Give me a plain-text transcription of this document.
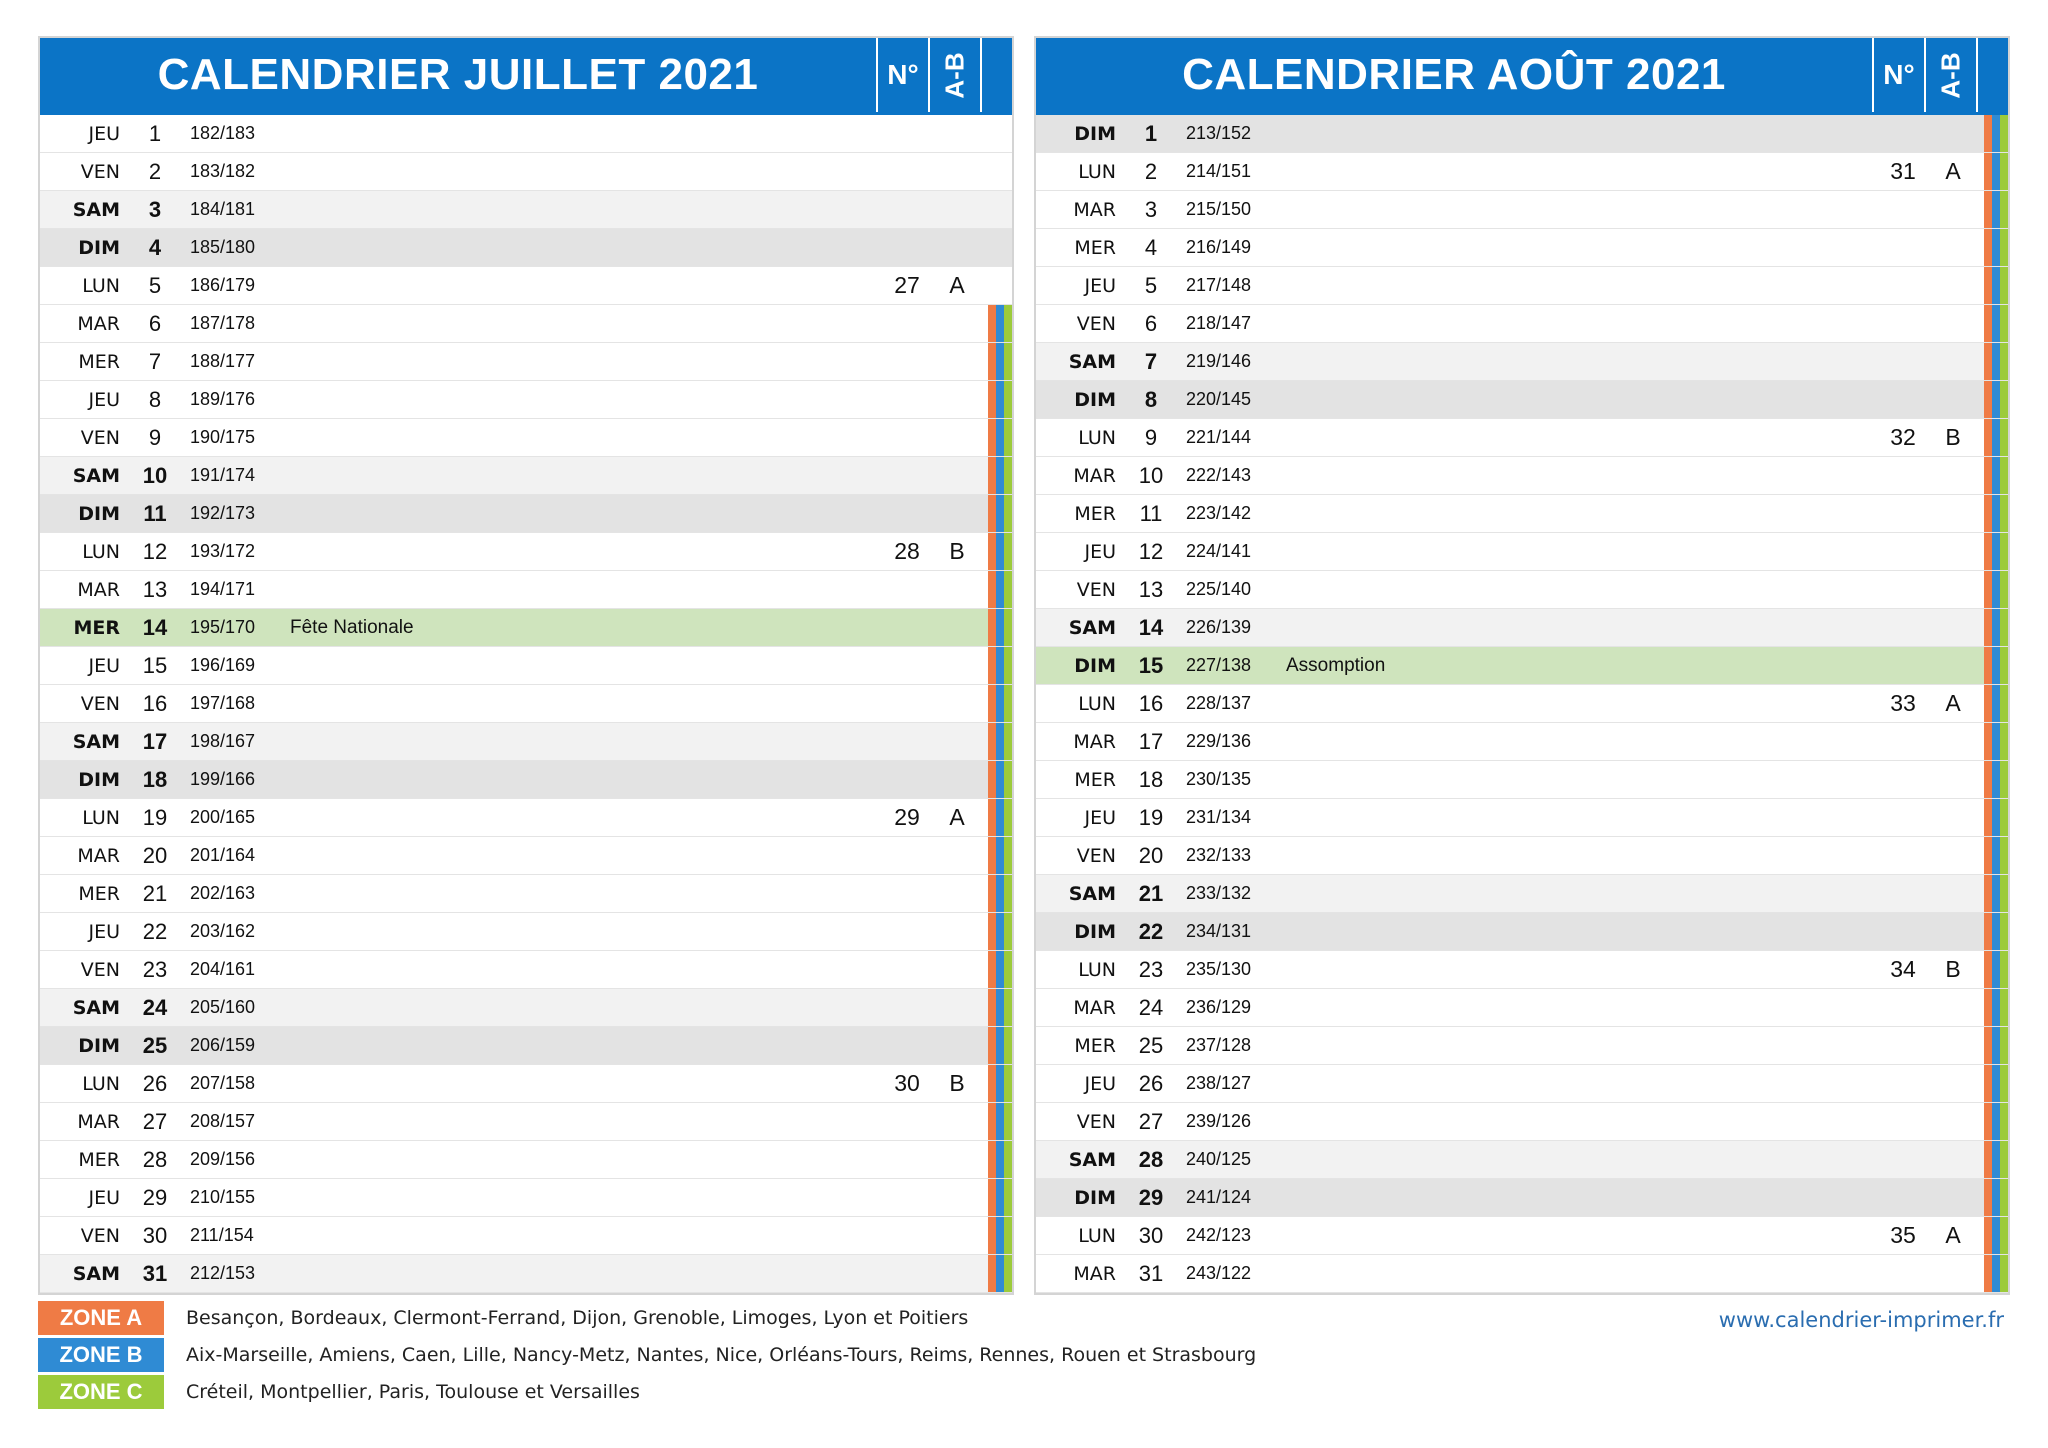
CALENDRIER JUILLET 2021	N° A-B
JEU	1	182/183
VEN	2	183/182
SAM	3	184/181
DIM	4	185/180
LUN	5	186/179	27	A
MAR	6	187/178
MER	7	188/177
JEU	8	189/176
VEN	9	190/175
SAM	10	191/174
DIM	11	192/173
LUN	12	193/172	28	B
MAR	13	194/171
MER	14	195/170	Fête Nationale
JEU	15	196/169
VEN	16	197/168
SAM	17	198/167
DIM	18	199/166
LUN	19	200/165	29	A
MAR	20	201/164
MER	21	202/163
JEU	22	203/162
VEN	23	204/161
SAM	24	205/160
DIM	25	206/159
LUN	26	207/158	30	B
MAR	27	208/157
MER	28	209/156
JEU	29	210/155
VEN	30	211/154
SAM	31	212/153
CALENDRIER AOÛT 2021	N° A-B
DIM	1	213/152
LUN	2	214/151	31	A
MAR	3	215/150
MER	4	216/149
JEU	5	217/148
VEN	6	218/147
SAM	7	219/146
DIM	8	220/145
LUN	9	221/144	32	B
MAR	10	222/143
MER	11	223/142
JEU	12	224/141
VEN	13	225/140
SAM	14	226/139
DIM	15	227/138	Assomption
LUN	16	228/137	33	A
MAR	17	229/136
MER	18	230/135
JEU	19	231/134
VEN	20	232/133
SAM	21	233/132
DIM	22	234/131
LUN	23	235/130	34	B
MAR	24	236/129
MER	25	237/128
JEU	26	238/127
VEN	27	239/126
SAM	28	240/125
DIM	29	241/124
LUN	30	242/123	35	A
MAR	31	243/122
ZONE A	Besançon, Bordeaux, Clermont-Ferrand, Dijon, Grenoble, Limoges, Lyon et Poitiers
ZONE B	Aix-Marseille, Amiens, Caen, Lille, Nancy-Metz, Nantes, Nice, Orléans-Tours, Reims, Rennes, Rouen et Strasbourg
ZONE C	Créteil, Montpellier, Paris, Toulouse et Versailles
www.calendrier-imprimer.fr
